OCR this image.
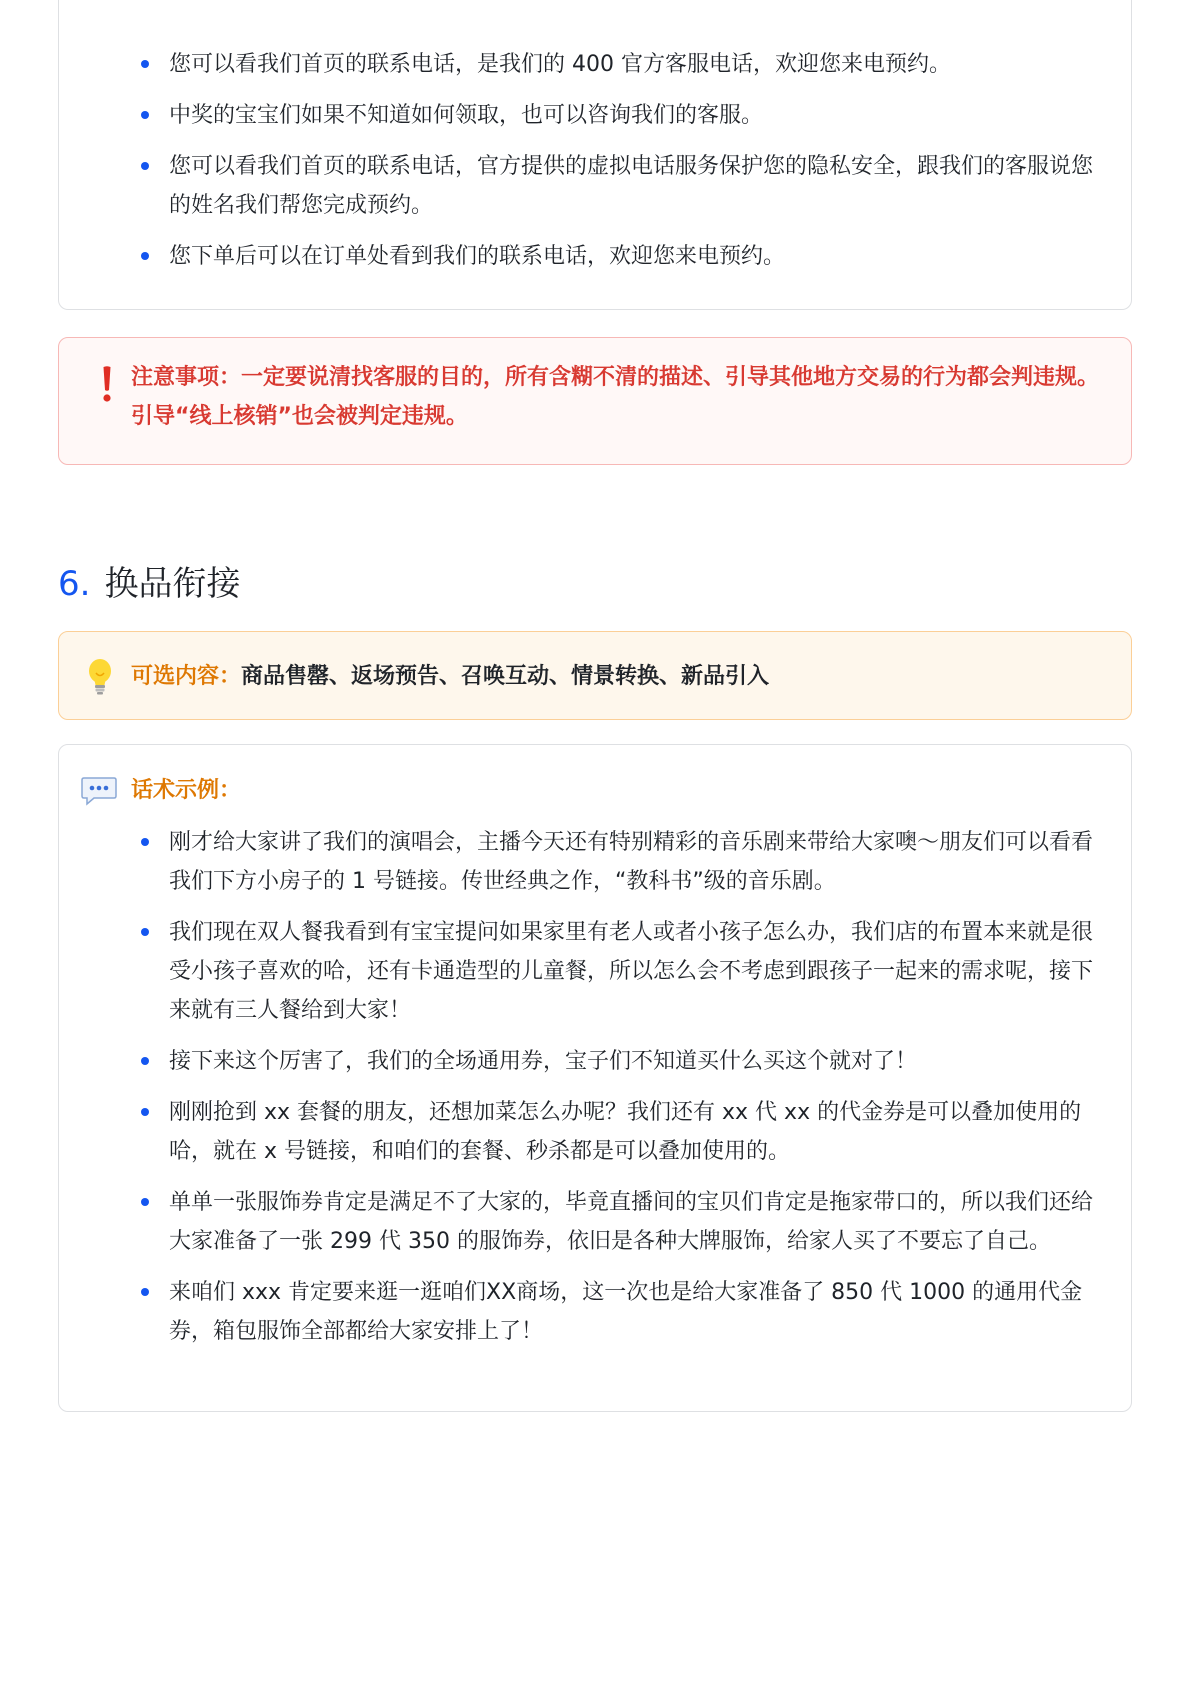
您可以看我们首页的联系电话，是我们的 400 官方客服电话，欢迎您来电预约。
中奖的宝宝们如果不知道如何领取，也可以咨询我们的客服。
您可以看我们首页的联系电话，官方提供的虚拟电话服务保护您的隐私安全，跟我们的客服说您的姓名我们帮您完成预约。
您下单后可以在订单处看到我们的联系电话，欢迎您来电预约。
注意事项：一定要说清找客服的目的，所有含糊不清的描述、引导其他地方交易的行为都会判违规。引导“线上核销”也会被判定违规。
6. 换品衔接
可选内容：商品售罄、返场预告、召唤互动、情景转换、新品引入
话术示例：
刚才给大家讲了我们的演唱会，主播今天还有特别精彩的音乐剧来带给大家噢～朋友们可以看看我们下方小房子的 1 号链接。传世经典之作，“教科书”级的音乐剧。
我们现在双人餐我看到有宝宝提问如果家里有老人或者小孩子怎么办，我们店的布置本来就是很受小孩子喜欢的哈，还有卡通造型的儿童餐，所以怎么会不考虑到跟孩子一起来的需求呢，接下来就有三人餐给到大家！
接下来这个厉害了，我们的全场通用券，宝子们不知道买什么买这个就对了！
刚刚抢到 xx 套餐的朋友，还想加菜怎么办呢？我们还有 xx 代 xx 的代金券是可以叠加使用的哈，就在 x 号链接，和咱们的套餐、秒杀都是可以叠加使用的。
单单一张服饰券肯定是满足不了大家的，毕竟直播间的宝贝们肯定是拖家带口的，所以我们还给大家准备了一张 299 代 350 的服饰券，依旧是各种大牌服饰，给家人买了不要忘了自己。
来咱们 xxx 肯定要来逛一逛咱们XX商场，这一次也是给大家准备了 850 代 1000 的通用代金券，箱包服饰全部都给大家安排上了！
